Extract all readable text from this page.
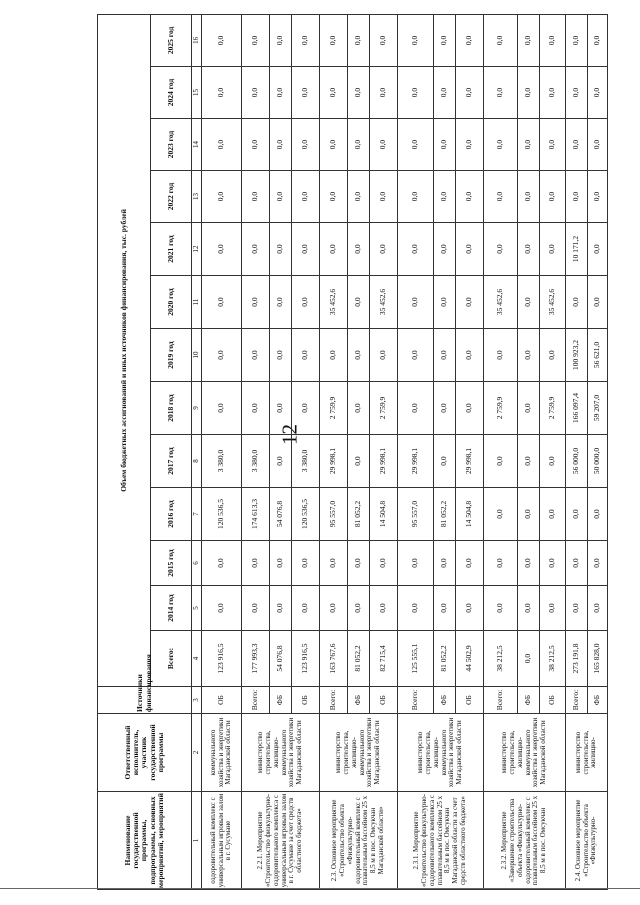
12
Наименование государственной программы, подпрограммы, основных мероприятий, мероприятий	Ответственный исполнитель, участник государственной программы	Источники финансирования	Объем бюджетных ассигнований и иных источников финансирования, тыс. рублей												
			Всего:	2014 год	2015 год	2016 год	2017 год	2018 год	2019 год	2020 год	2021 год	2022 год	2023 год	2024 год	2025 год
1	2	3	4	5	6	7	8	9	10	11	12	13	14	15	16
оздоровительный комплекс с универсальным игровым залом в г. Сусумане	коммунального хозяйства и энергетики Магаданской области	ОБ	123 916,5	0,0	0,0	120 536,5	3 380,0	0,0	0,0	0,0	0,0	0,0	0,0	0,0	0,0
2.2.1. Мероприятие «Строительство физкультурно-оздоровительного комплекса с универсальным игровым залом в г. Сусумане за счет средств областного бюджета»	министерство строительства, жилищно-коммунального хозяйства и энергетики Магаданской области	Всего:	177 993,3	0,0	0,0	174 613,3	3 380,0	0,0	0,0	0,0	0,0	0,0	0,0	0,0	0,0
		ФБ	54 076,8	0,0	0,0	54 076,8	0,0	0,0	0,0	0,0	0,0	0,0	0,0	0,0	0,0
		ОБ	123 916,5	0,0	0,0	120 536,5	3 380,0	0,0	0,0	0,0	0,0	0,0	0,0	0,0	0,0
2.3. Основное мероприятие «Строительство объекта «Физкультурно-оздоровительный комплекс с плавательным бассейном 25 х 8,5 м в пос. Омсукчан Магаданской области»	министерство строительства, жилищно-коммунального хозяйства и энергетики Магаданской области	Всего:	163 767,6	0,0	0,0	95 557,0	29 998,1	2 759,9	0,0	35 452,6	0,0	0,0	0,0	0,0	0,0
		ФБ	81 052,2	0,0	0,0	81 052,2	0,0	0,0	0,0	0,0	0,0	0,0	0,0	0,0	0,0
		ОБ	82 715,4	0,0	0,0	14 504,8	29 998,1	2 759,9	0,0	35 452,6	0,0	0,0	0,0	0,0	0,0
2.3.1. Мероприятие «Строительство физкультурно-оздоровительного комплекса с плавательным бассейном 25 х 8,5 м в пос. Омсукчан Магаданской области за счет средств областного бюджета»	министерство строительства, жилищно-коммунального хозяйства и энергетики Магаданской области	Всего:	125 555,1	0,0	0,0	95 557,0	29 998,1	0,0	0,0	0,0	0,0	0,0	0,0	0,0	0,0
		ФБ	81 052,2	0,0	0,0	81 052,2	0,0	0,0	0,0	0,0	0,0	0,0	0,0	0,0	0,0
		ОБ	44 502,9	0,0	0,0	14 504,8	29 998,1	0,0	0,0	0,0	0,0	0,0	0,0	0,0	0,0
2.3.2. Мероприятие «Завершение строительства объекта «Физкультурно-оздоровительный комплекс с плавательным бассейном 25 х 8,5 м в пос. Омсукчан	министерство строительства, жилищно-коммунального хозяйства и энергетики Магаданской области	Всего:	38 212,5	0,0	0,0	0,0	0,0	2 759,9	0,0	35 452,6	0,0	0,0	0,0	0,0	0,0
		ФБ	0,0	0,0	0,0	0,0	0,0	0,0	0,0	0,0	0,0	0,0	0,0	0,0	0,0
		ОБ	38 212,5	0,0	0,0	0,0	0,0	2 759,9	0,0	35 452,6	0,0	0,0	0,0	0,0	0,0
2.4. Основное мероприятие «Строительство объекта «Физкультурно-	министерство строительства, жилищно-	Всего:	273 191,8	0,0	0,0	0,0	56 000,0	166 097,4	100 923,2	0,0	10 171,2	0,0	0,0	0,0	0,0
		ФБ	165 828,0	0,0	0,0	0,0	50 000,0	59 207,0	56 621,0	0,0	0,0	0,0	0,0	0,0	0,0
